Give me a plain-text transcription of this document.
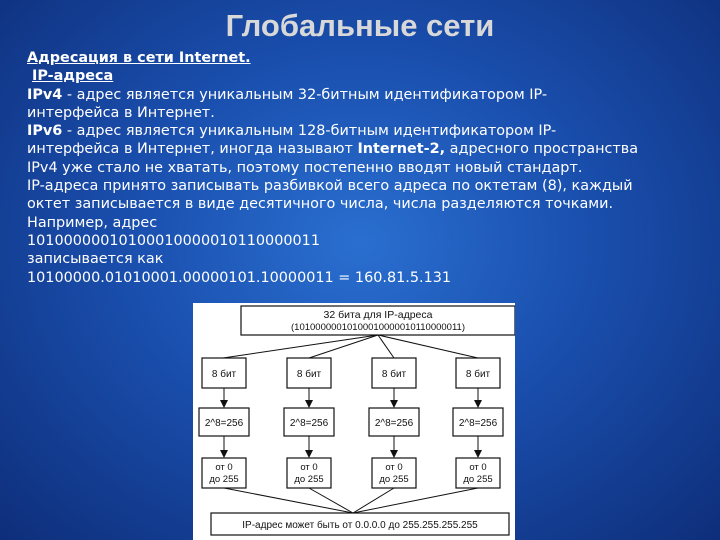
Глобальные сети
Адресация в сети Internet.
IP-адреса
IPv4 - адрес является уникальным 32-битным идентификатором IP-
интерфейса в Интернет.
IPv6 - адрес является уникальным 128-битным идентификатором IP-
интерфейса в Интернет, иногда называют Internet-2, адресного пространства
IPv4 уже стало не хватать, поэтому постепенно вводят новый стандарт.
IP-адреса принято записывать разбивкой всего адреса по октетам (8), каждый
октет записывается в виде десятичного числа, числа разделяются точками.
Например, адрес
10100000010100010000010110000011
записывается как
10100000.01010001.00000101.10000011 = 160.81.5.131
32 бита для IP-адреса
(10100000010100010000010110000011)
8 бит
2^8=256
от 0
до 255
8 бит
2^8=256
от 0
до 255
8 бит
2^8=256
от 0
до 255
8 бит
2^8=256
от 0
до 255
IP-адрес может быть от 0.0.0.0 до 255.255.255.255
